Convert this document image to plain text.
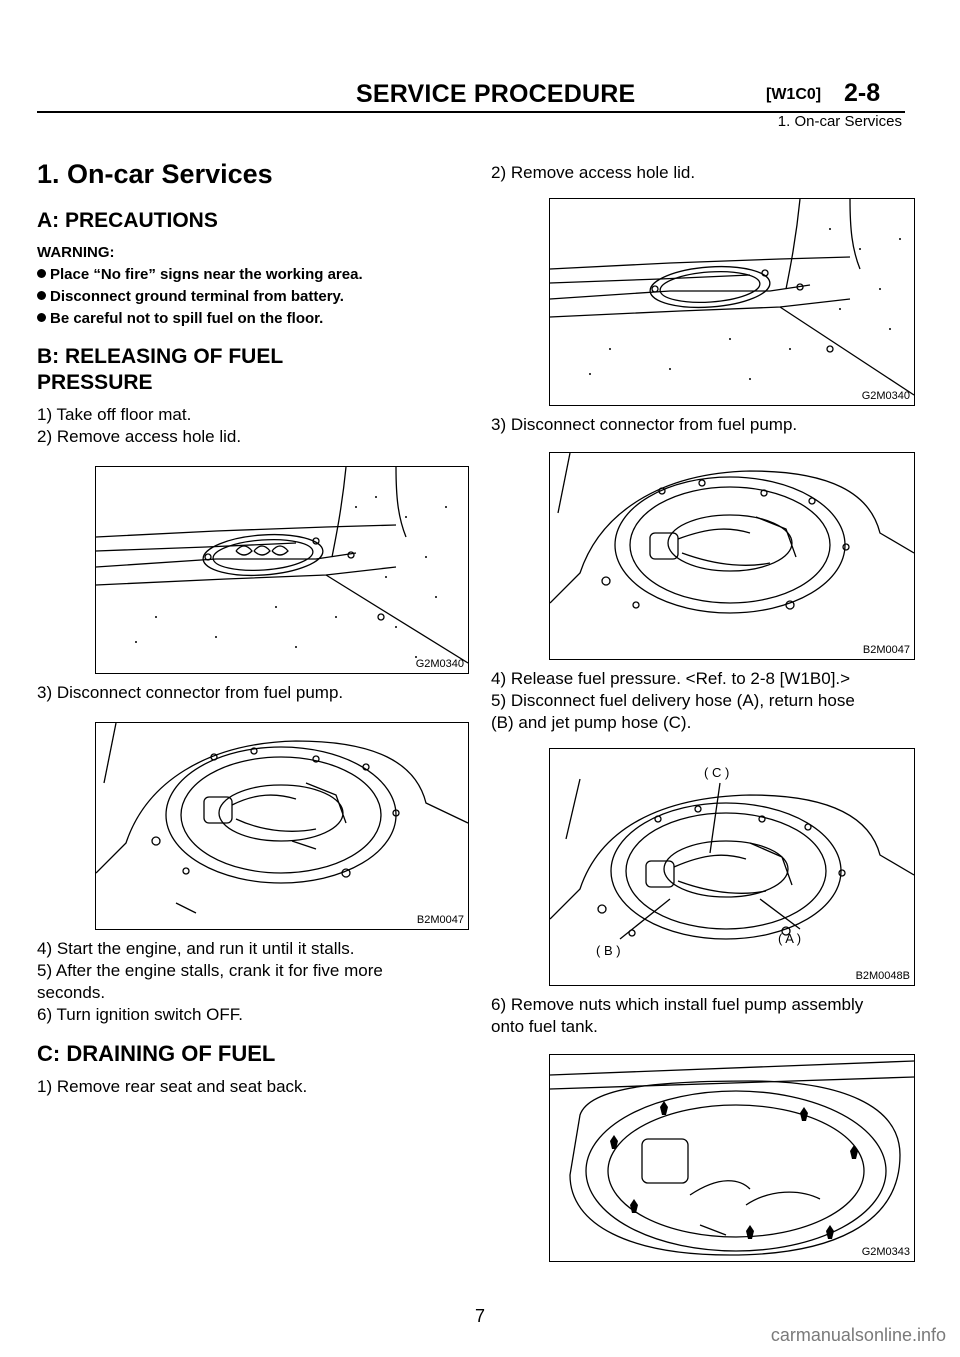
SERVICE PROCEDURE	[W1C0] 2-8
1. On-car Services
1. On-car Services
A: PRECAUTIONS
WARNING:
Place “No fire” signs near the working area.
Disconnect ground terminal from battery.
Be careful not to spill fuel on the floor.
B: RELEASING OF FUEL
PRESSURE
1) Take off floor mat.
2) Remove access hole lid.
G2M0340
3) Disconnect connector from fuel pump.
B2M0047
4) Start the engine, and run it until it stalls.
5) After the engine stalls, crank it for five more
seconds.
6) Turn ignition switch OFF.
C: DRAINING OF FUEL
1) Remove rear seat and seat back.
2) Remove access hole lid.
G2M0340
3) Disconnect connector from fuel pump.
B2M0047
4) Release fuel pressure. <Ref. to 2-8 [W1B0].>
5) Disconnect fuel delivery hose (A), return hose
(B) and jet pump hose (C).
( C )
( B )
( A )
B2M0048B
6) Remove nuts which install fuel pump assembly
onto fuel tank.
G2M0343
7
carmanualsonline.info
